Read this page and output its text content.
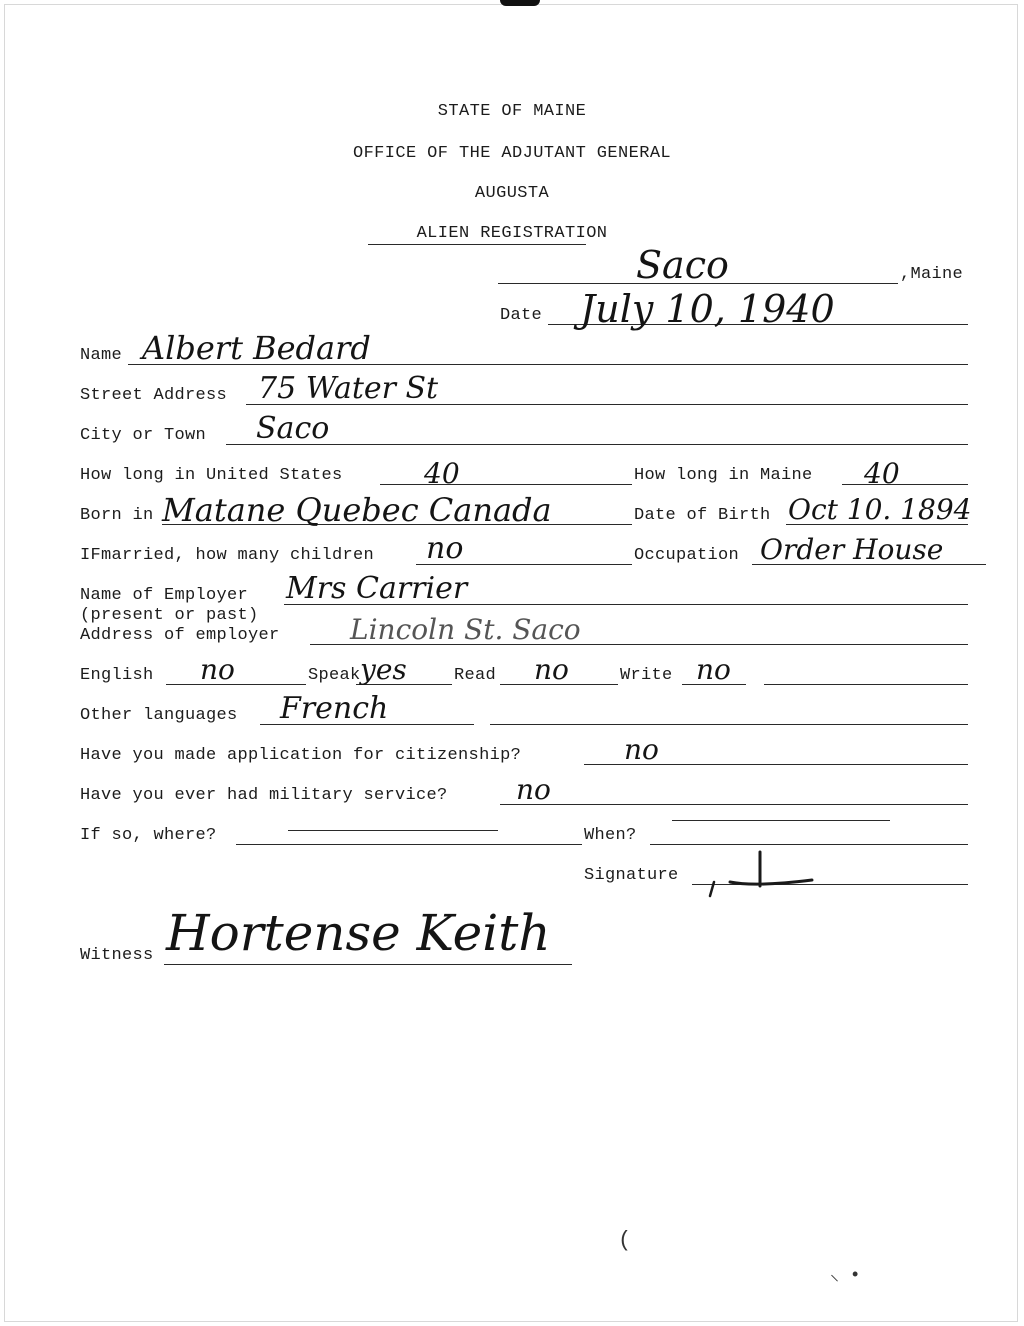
STATE OF MAINE
OFFICE OF THE ADJUTANT GENERAL
AUGUSTA
ALIEN REGISTRATION
Saco	,Maine
Date July 10, 1940
Name Albert Bedard
Street Address 75 Water St
City or Town Saco
How long in United States	40	How long in Maine 40
Born in Matane Quebec Canada	Date of Birth Oct 10. 1894
IFmarried, how many children no	Occupation Order House
Name of Employer
(present or past)
Mrs Carrier
Address of employer	Lincoln St. Saco
English no	Speak yes	Read no	Write no
Other languages French
Have you made application for citizenship?	no
Have you ever had military service? no
If so, where?	When?
Signature
Witness Hortense Keith
(
⸜ •
